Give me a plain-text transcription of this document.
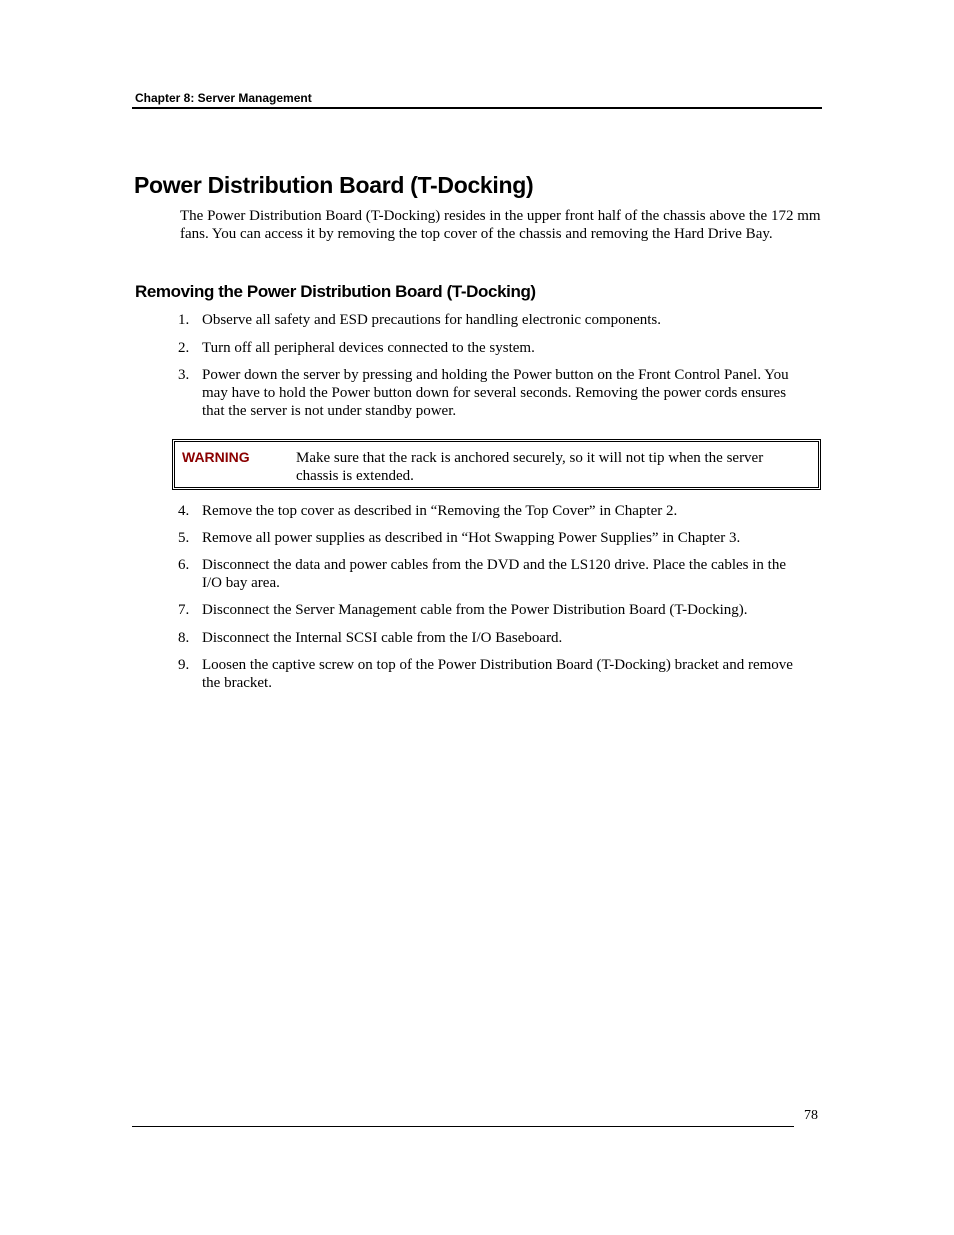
Chapter 8: Server Management
Power Distribution Board (T-Docking)

The Power Distribution Board (T-Docking) resides in the upper front half of the chassis above the 172 mm fans. You can access it by removing the top cover of the chassis and removing the Hard Drive Bay.

Removing the Power Distribution Board (T-Docking)
1. Observe all safety and ESD precautions for handling electronic components.
2. Turn off all peripheral devices connected to the system.
3. Power down the server by pressing and holding the Power button on the Front Control Panel. You may have to hold the Power button down for several seconds. Removing the power cords ensures that the server is not under standby power.
WARNING	Make sure that the rack is anchored securely, so it will not tip when the server chassis is extended.
4. Remove the top cover as described in “Removing the Top Cover” in Chapter 2.
5. Remove all power supplies as described in “Hot Swapping Power Supplies” in Chapter 3.
6. Disconnect the data and power cables from the DVD and the LS120 drive. Place the cables in the I/O bay area.
7. Disconnect the Server Management cable from the Power Distribution Board (T-Docking).
8. Disconnect the Internal SCSI cable from the I/O Baseboard.
9. Loosen the captive screw on top of the Power Distribution Board (T-Docking) bracket and remove the bracket.
78
